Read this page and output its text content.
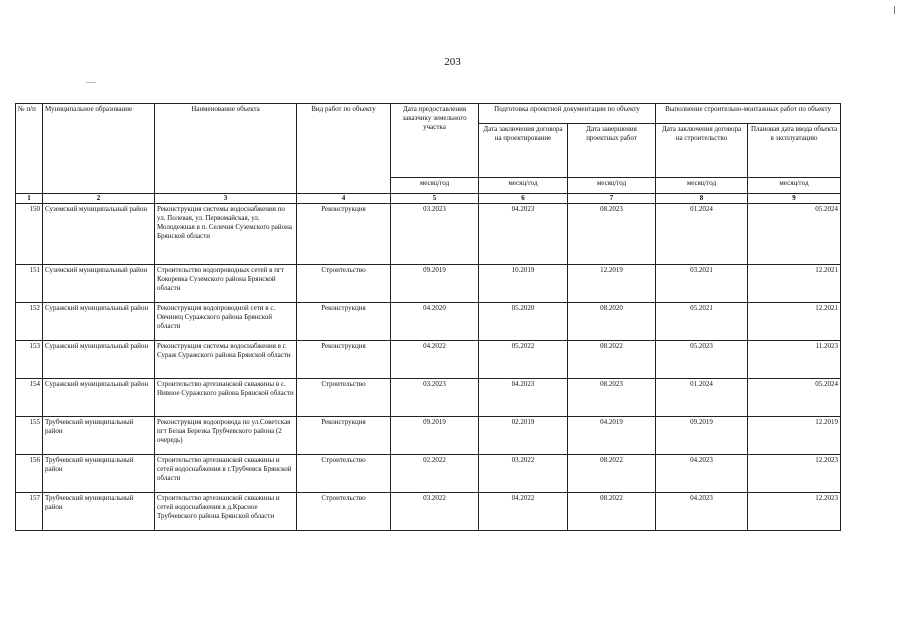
203
№ п/п	Муниципальное образование	Наименование объекта	Вид работ по объекту	Дата предоставления заказчику земельного участка	Подготовка проектной документации по объекту		Выполнение строительно-монтажных работ по объекту	
					Дата заключения договора на проектирование	Дата завершения проектных работ	Дата заключения договора на строительство	Плановая дата ввода объекта в эксплуатацию
				месяц/год	месяц/год	месяц/год	месяц/год	месяц/год
1	2	3	4	5	6	7	8	9
150	Суземский муниципальный район	Реконструкция системы водоснабжения по ул. Полевая, ул. Первомайская, ул. Молодежная в п. Селечня Суземского района Брянской области	Реконструкция	03.2023	04.2023	08.2023	01.2024	05.2024
151	Суземский муниципальный район	Строительство водопроводных сетей в пгт Кокоревка Суземского района Брянской области	Строительство	09.2019	10.2019	12.2019	03.2021	12.2021
152	Суражский муниципальный район	Реконструкция водопроводной сети в с. Овчинец Суражского района Брянской области	Реконструкция	04.2020	05.2020	08.2020	05.2021	12.2021
153	Суражский муниципальный район	Реконструкция системы водоснабжения в г. Сураж Суражского района Брянской области	Реконструкция	04.2022	05.2022	08.2022	05.2023	11.2023
154	Суражский муниципальный район	Строительство артезианской скважины в с. Нивное Суражского района Брянской области	Строительство	03.2023	04.2023	08.2023	01.2024	05.2024
155	Трубчевский муниципальный район	Реконструкция водопровода по ул.Советская пгт Белая Березка Трубчевского района (2 очередь)	Реконструкция	09.2019	02.2019	04.2019	09.2019	12.2019
156	Трубчевский муниципальный район	Строительство артезианской скважины и сетей водоснабжения в г.Трубчевск Брянской области	Строительство	02.2022	03.2022	08.2022	04.2023	12.2023
157	Трубчевский муниципальный район	Строительство артезианской скважины и сетей водоснабжения в д.Красное Трубчевского района Брянской области	Строительство	03.2022	04.2022	08.2022	04.2023	12.2023
